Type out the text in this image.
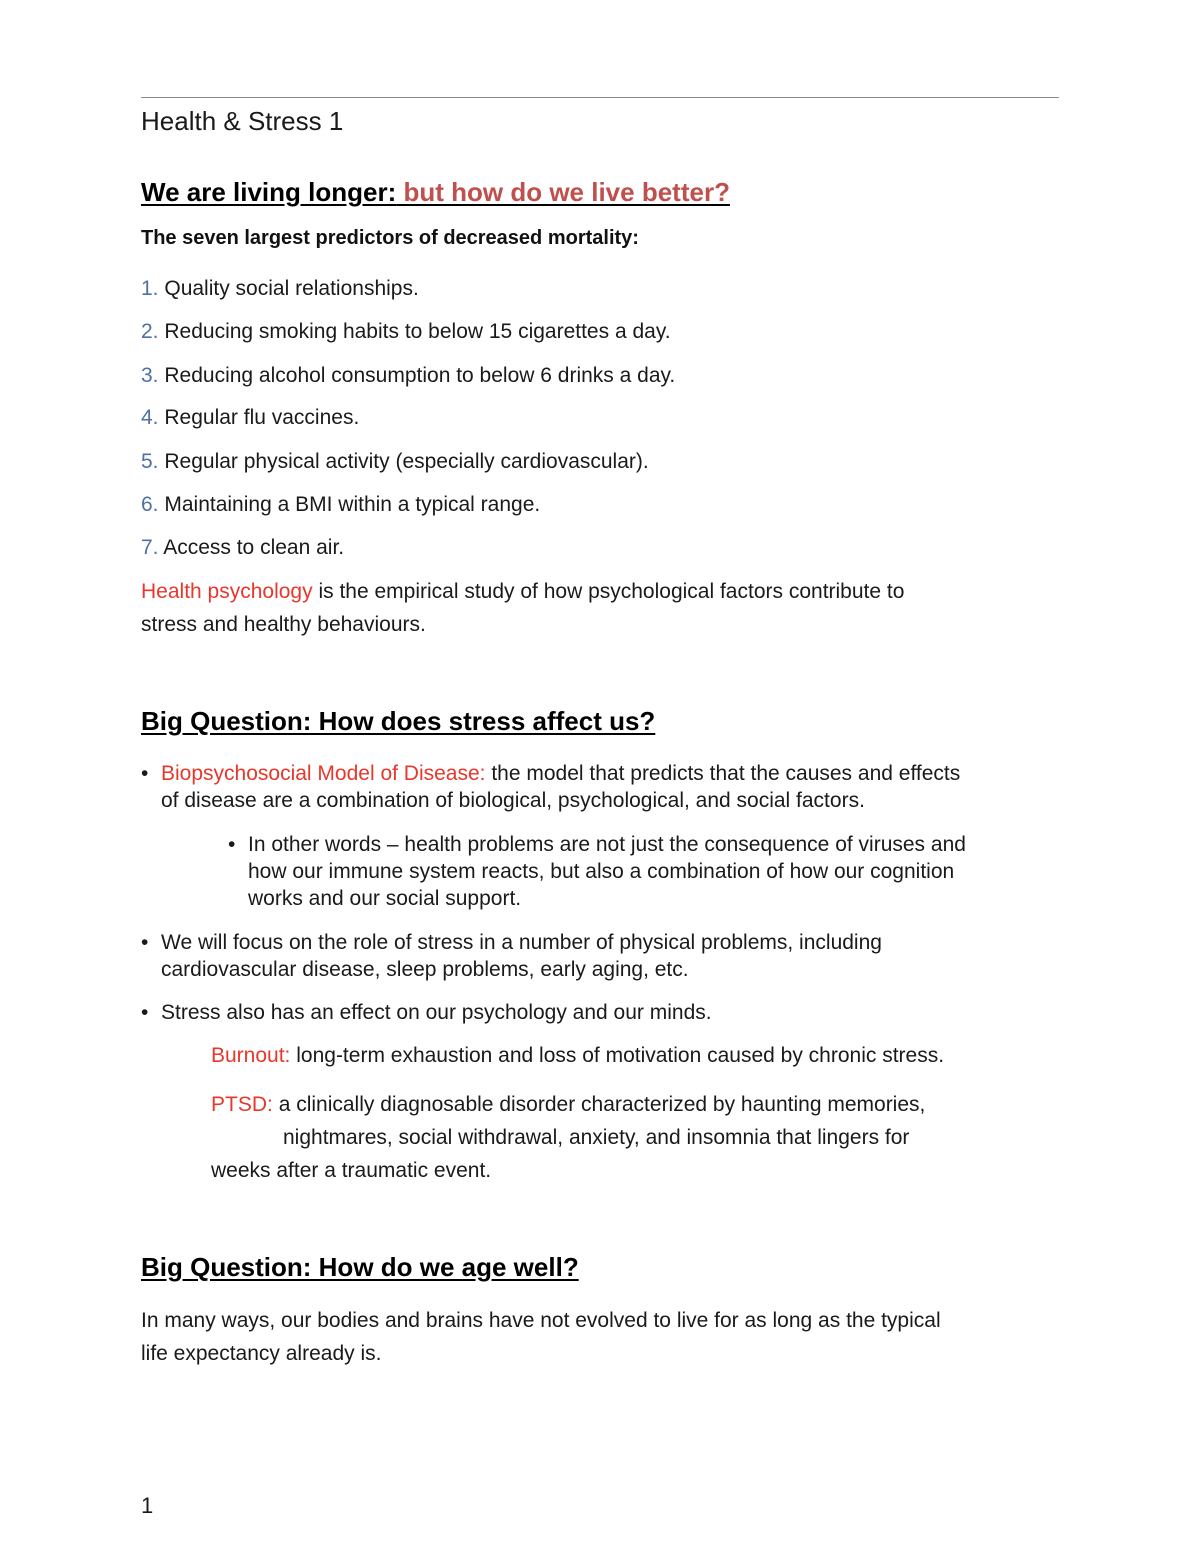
Health & Stress 1
We are living longer: but how do we live better?
The seven largest predictors of decreased mortality:
1. Quality social relationships.
2. Reducing smoking habits to below 15 cigarettes a day.
3. Reducing alcohol consumption to below 6 drinks a day.
4. Regular flu vaccines.
5. Regular physical activity (especially cardiovascular).
6. Maintaining a BMI within a typical range.
7. Access to clean air.
Health psychology is the empirical study of how psychological factors contribute to
stress and healthy behaviours.
Big Question: How does stress affect us?
• Biopsychosocial Model of Disease: the model that predicts that the causes and effects
of disease are a combination of biological, psychological, and social factors.
• In other words – health problems are not just the consequence of viruses and
how our immune system reacts, but also a combination of how our cognition
works and our social support.
• We will focus on the role of stress in a number of physical problems, including
cardiovascular disease, sleep problems, early aging, etc.
• Stress also has an effect on our psychology and our minds.
Burnout: long-term exhaustion and loss of motivation caused by chronic stress.
PTSD: a clinically diagnosable disorder characterized by haunting memories,
nightmares, social withdrawal, anxiety, and insomnia that lingers for
weeks after a traumatic event.
Big Question: How do we age well?
In many ways, our bodies and brains have not evolved to live for as long as the typical
life expectancy already is.
1
